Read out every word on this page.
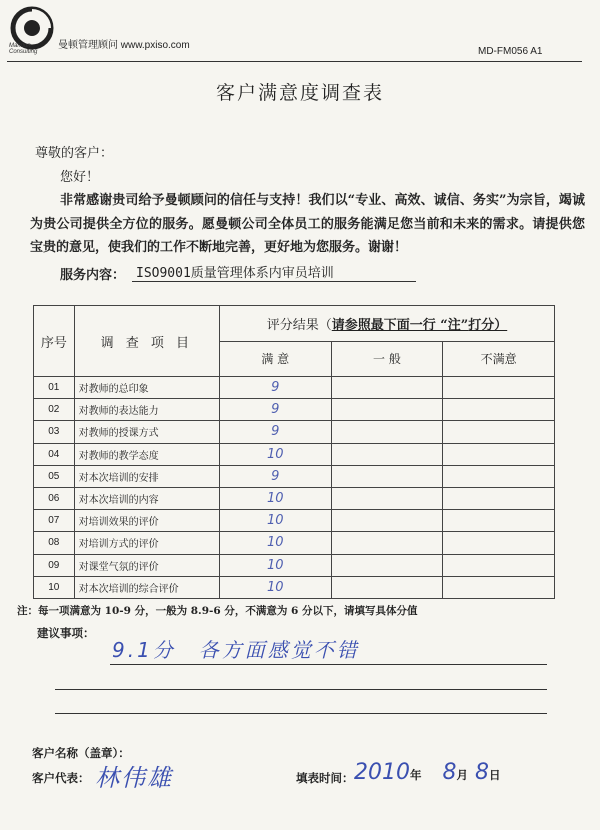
Mandun
Consulting
曼顿管理顾问 www.pxiso.com
MD-FM056 A1
客户满意度调查表
尊敬的客户：
您好！
非常感谢贵司给予曼顿顾问的信任与支持！我们以“专业、高效、诚信、务实”为宗旨，竭诚为贵公司提供全方位的服务。愿曼顿公司全体员工的服务能满足您当前和未来的需求。请提供您宝贵的意见，使我们的工作不断地完善，更好地为您服务。谢谢！
服务内容： ISO9001质量管理体系内审员培训
序号	调 查 项 目	评分结果（请参照最下面一行 “注”打分）		
		满 意	一 般	不满意
01	对教师的总印象	9		
02	对教师的表达能力	9		
03	对教师的授课方式	9		
04	对教师的教学态度	10		
05	对本次培训的安排	9		
06	对本次培训的内容	10		
07	对培训效果的评价	10		
08	对培训方式的评价	10		
09	对课堂气氛的评价	10		
10	对本次培训的综合评价	10		
注：每一项满意为 10-9 分，一般为 8.9-6 分，不满意为 6 分以下，请填写具体分值
建议事项：
9.1分　各方面感觉不错
客户名称（盖章）：
客户代表： 林伟雄	填表时间： 2010年 8月 8日
